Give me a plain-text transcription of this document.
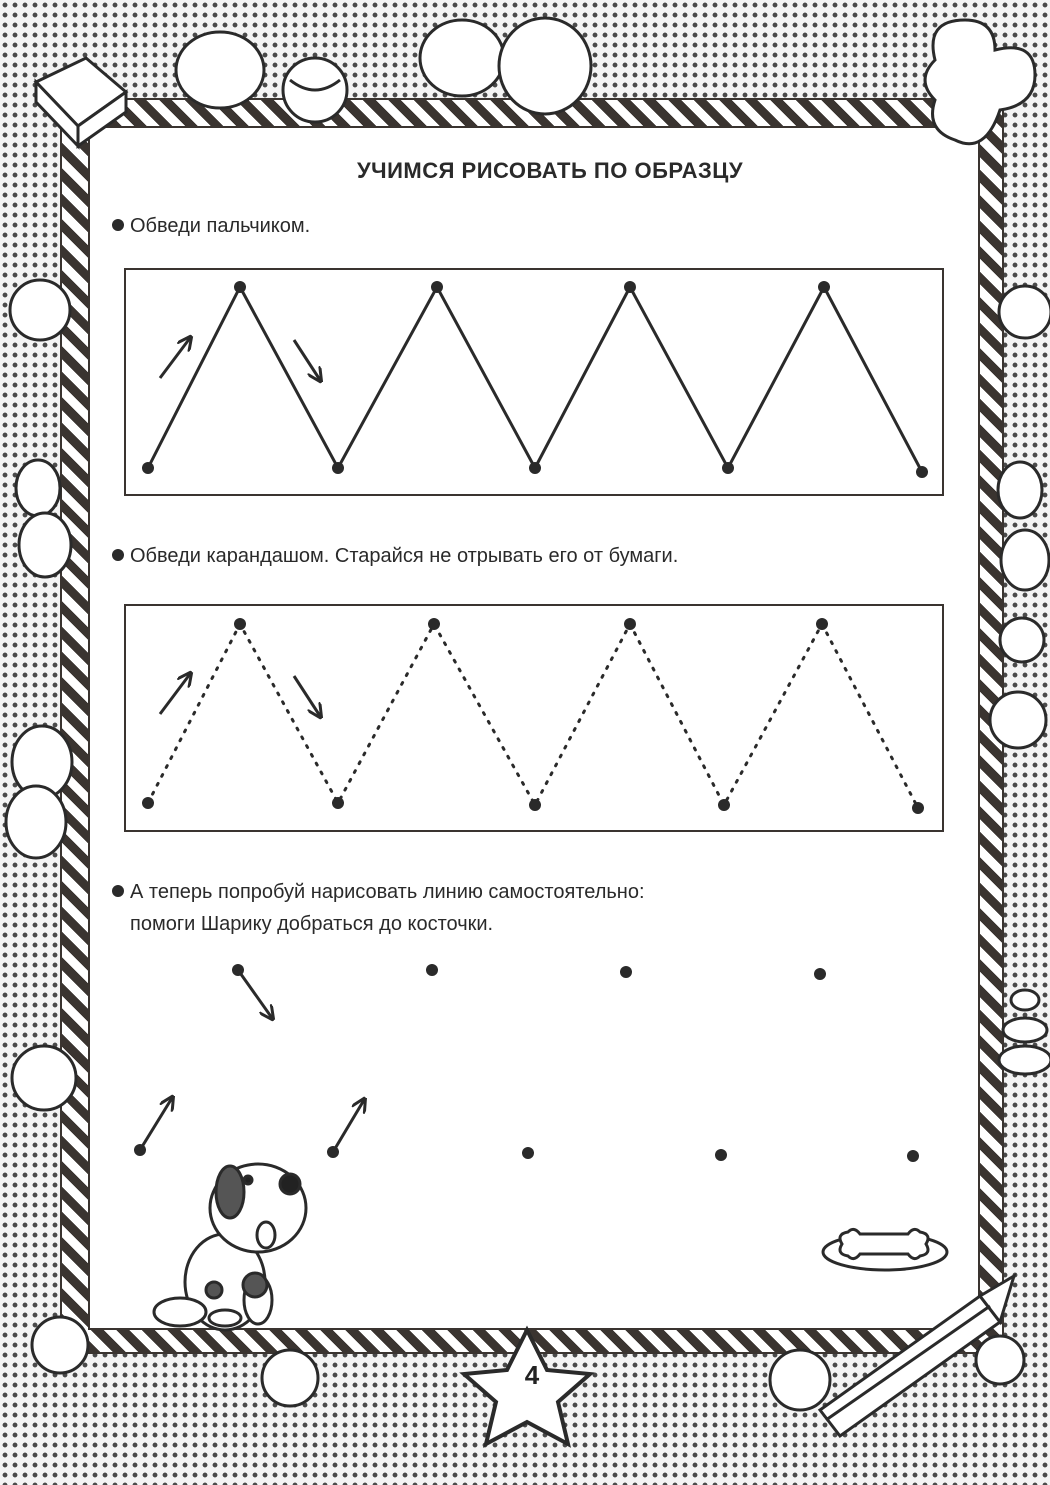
УЧИМСЯ РИСОВАТЬ ПО ОБРАЗЦУ
Обведи пальчиком.
Обведи карандашом. Старайся не отрывать его от бумаги.
А теперь попробуй нарисовать линию самостоятельно:
помоги Шарику добраться до косточки.
4
